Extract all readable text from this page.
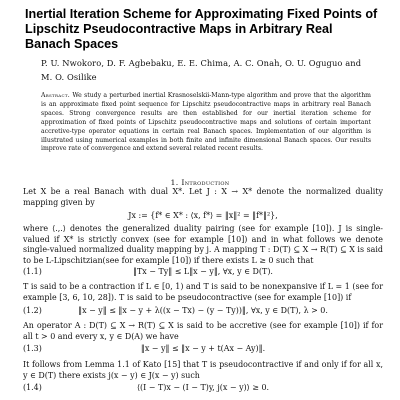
Inertial Iteration Scheme for Approximating Fixed Points of Lipschitz Pseudocontractive Maps in Arbitrary Real Banach Spaces
P. U. Nwokoro, D. F. Agbebaku, E. E. Chima, A. C. Onah, O. U. Oguguo and M. O. Osilike
Abstract. We study a perturbed inertial Krasnoselskii-Mann-type algorithm and prove that the algorithm is an approximate fixed point sequence for Lipschitz pseudocontractive maps in arbitrary real Banach spaces. Strong convergence results are then established for our inertial iteration scheme for approximation of fixed points of Lipschitz pseudocontractive maps and solutions of certain important accretive-type operator equations in certain real Banach spaces. Implementation of our algorithm is illustrated using numerical examples in both finite and infinite dimensional Banach spaces. Our results improve rate of convergence and extend several related recent results.
1. Introduction
Let X be a real Banach with dual X*. Let J : X → X* denote the normalized duality mapping given by
Jx := {f* ∈ X* : ⟨x, f*⟩ = ‖x‖² = ‖f*‖²},
where ⟨.,.⟩ denotes the generalized duality pairing (see for example [10]). J is single-valued if X* is strictly convex (see for example [10]) and in what follows we denote single-valued normalized duality mapping by j. A mapping T : D(T) ⊆ X → R(T) ⊆ X is said to be L-Lipschitzian(see for example [10]) if there exists L ≥ 0 such that
(1.1)	‖Tx − Ty‖ ≤ L‖x − y‖, ∀x, y ∈ D(T).
T is said to be a contraction if L ∈ [0, 1) and T is said to be nonexpansive if L = 1 (see for example [3, 6, 10, 28]). T is said to be pseudocontractive (see for example [10]) if
(1.2)	‖x − y‖ ≤ ‖x − y + λ((x − Tx) − (y − Ty))‖, ∀x, y ∈ D(T), λ > 0.
An operator A : D(T) ⊆ X → R(T) ⊆ X is said to be accretive (see for example [10]) if for all t > 0 and every x, y ∈ D(A) we have
(1.3)	‖x − y‖ ≤ ‖x − y + t(Ax − Ay)‖.
It follows from Lemma 1.1 of Kato [15] that T is pseudocontractive if and only if for all x, y ∈ D(T) there exists j(x − y) ∈ J(x − y) such
(1.4)	⟨(I − T)x − (I − T)y, j(x − y)⟩ ≥ 0.
